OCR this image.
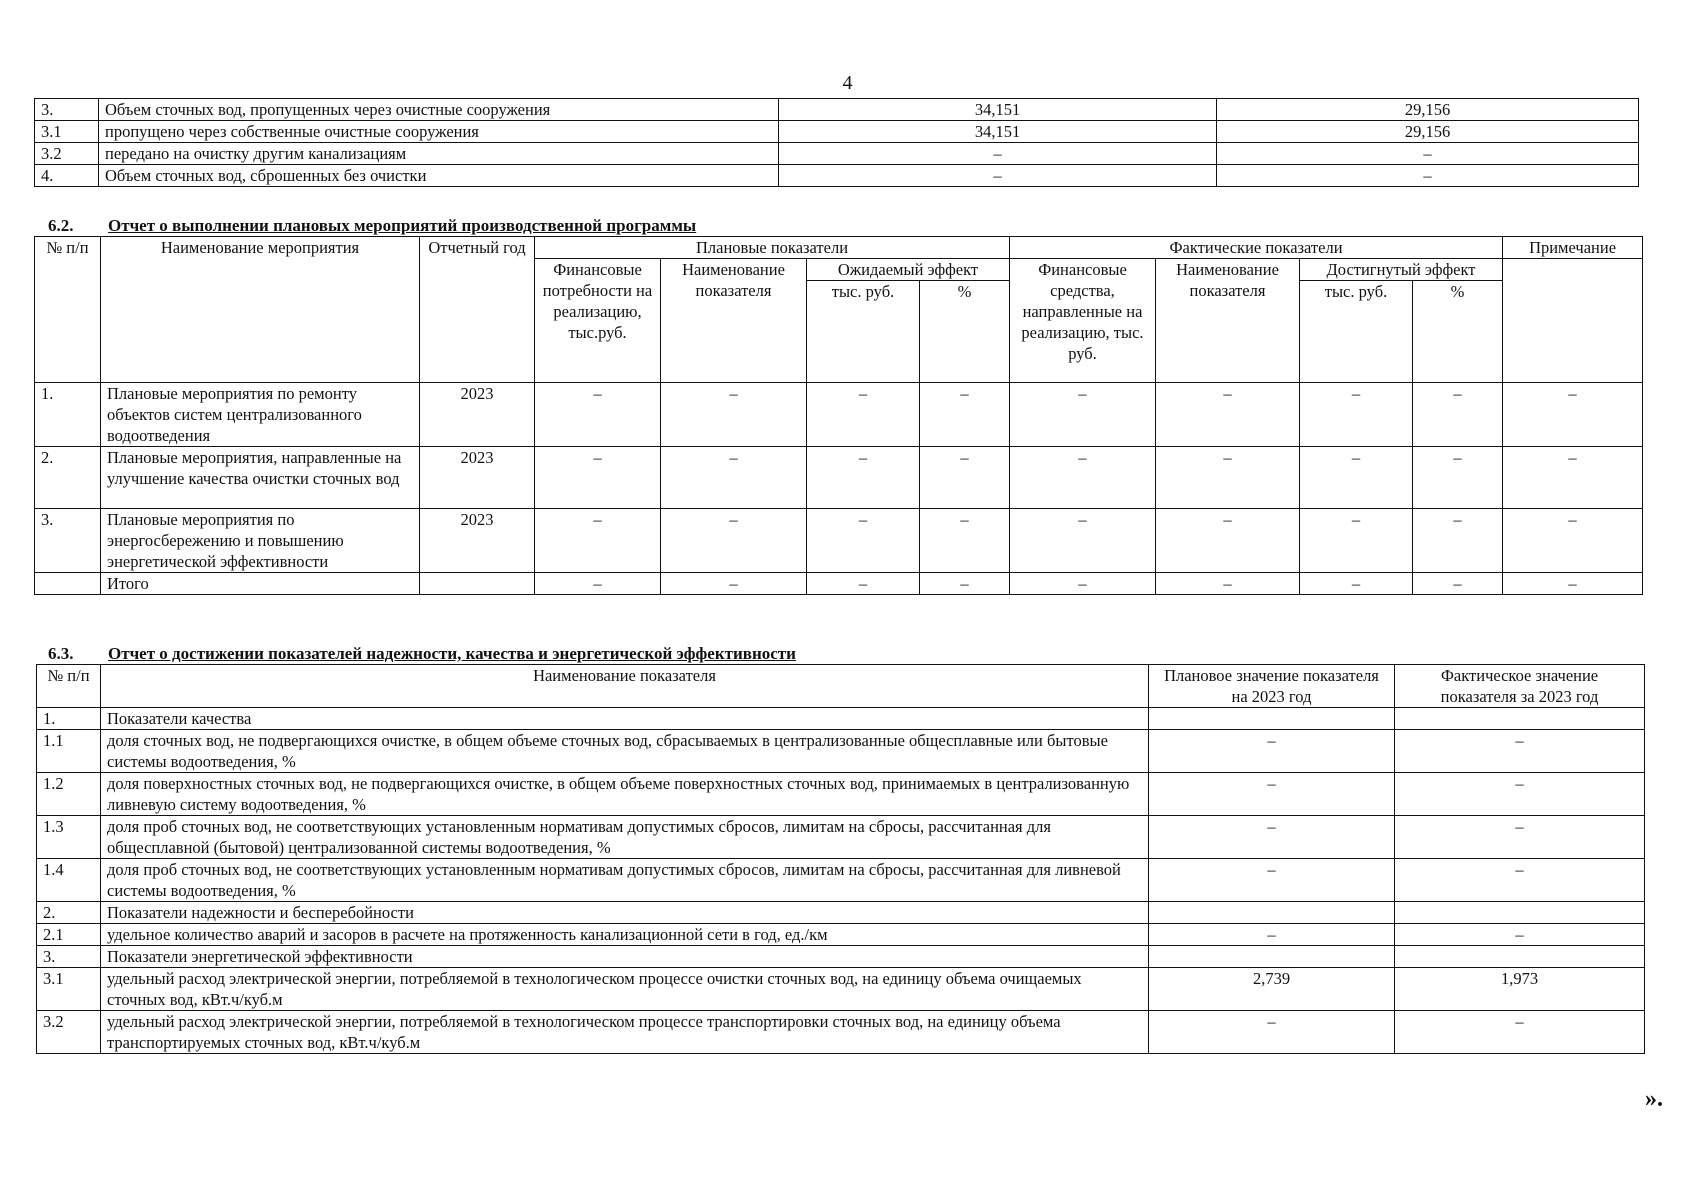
4
3.	Объем сточных вод, пропущенных через очистные сооружения	34,151	29,156
3.1	пропущено через собственные очистные сооружения	34,151	29,156
3.2	передано на очистку другим канализациям	–	–
4.	Объем сточных вод, сброшенных без очистки	–	–
6.2. Отчет о выполнении плановых мероприятий производственной программы
№ п/п	Наименование мероприятия	Отчетный год	Плановые показатели				Фактические показатели				Примечание
			Финансовые потребности на реализацию, тыс.руб.	Наименование показателя	Ожидаемый эффект		Финансовые средства, направленные на реализацию, тыс. руб.	Наименование показателя	Достигнутый эффект		
					тыс. руб.	%			тыс. руб.	%	
1.	Плановые мероприятия по ремонту объектов систем централизованного водоотведения	2023	–	–	–	–	–	–	–	–	–
2.	Плановые мероприятия, направленные на улучшение качества очистки сточных вод	2023	–	–	–	–	–	–	–	–	–
3.	Плановые мероприятия по энергосбережению и повышению энергетической эффективности	2023	–	–	–	–	–	–	–	–	–
	Итого		–	–	–	–	–	–	–	–	–
6.3. Отчет о достижении показателей надежности, качества и энергетической эффективности
№ п/п	Наименование показателя	Плановое значение показателя на 2023 год	Фактическое значение показателя за 2023 год
1.	Показатели качества		
1.1	доля сточных вод, не подвергающихся очистке, в общем объеме сточных вод, сбрасываемых в централизованные общесплавные или бытовые системы водоотведения, %	–	–
1.2	доля поверхностных сточных вод, не подвергающихся очистке, в общем объеме поверхностных сточных вод, принимаемых в централизованную ливневую систему водоотведения, %	–	–
1.3	доля проб сточных вод, не соответствующих установленным нормативам допустимых сбросов, лимитам на сбросы, рассчитанная для общесплавной (бытовой) централизованной системы водоотведения, %	–	–
1.4	доля проб сточных вод, не соответствующих установленным нормативам допустимых сбросов, лимитам на сбросы, рассчитанная для ливневой системы водоотведения, %	–	–
2.	Показатели надежности и бесперебойности		
2.1	удельное количество аварий и засоров в расчете на протяженность канализационной сети в год, ед./км	–	–
3.	Показатели энергетической эффективности		
3.1	удельный расход электрической энергии, потребляемой в технологическом процессе очистки сточных вод, на единицу объема очищаемых сточных вод, кВт.ч/куб.м	2,739	1,973
3.2	удельный расход электрической энергии, потребляемой в технологическом процессе транспортировки сточных вод, на единицу объема транспортируемых сточных вод, кВт.ч/куб.м	–	–
».
